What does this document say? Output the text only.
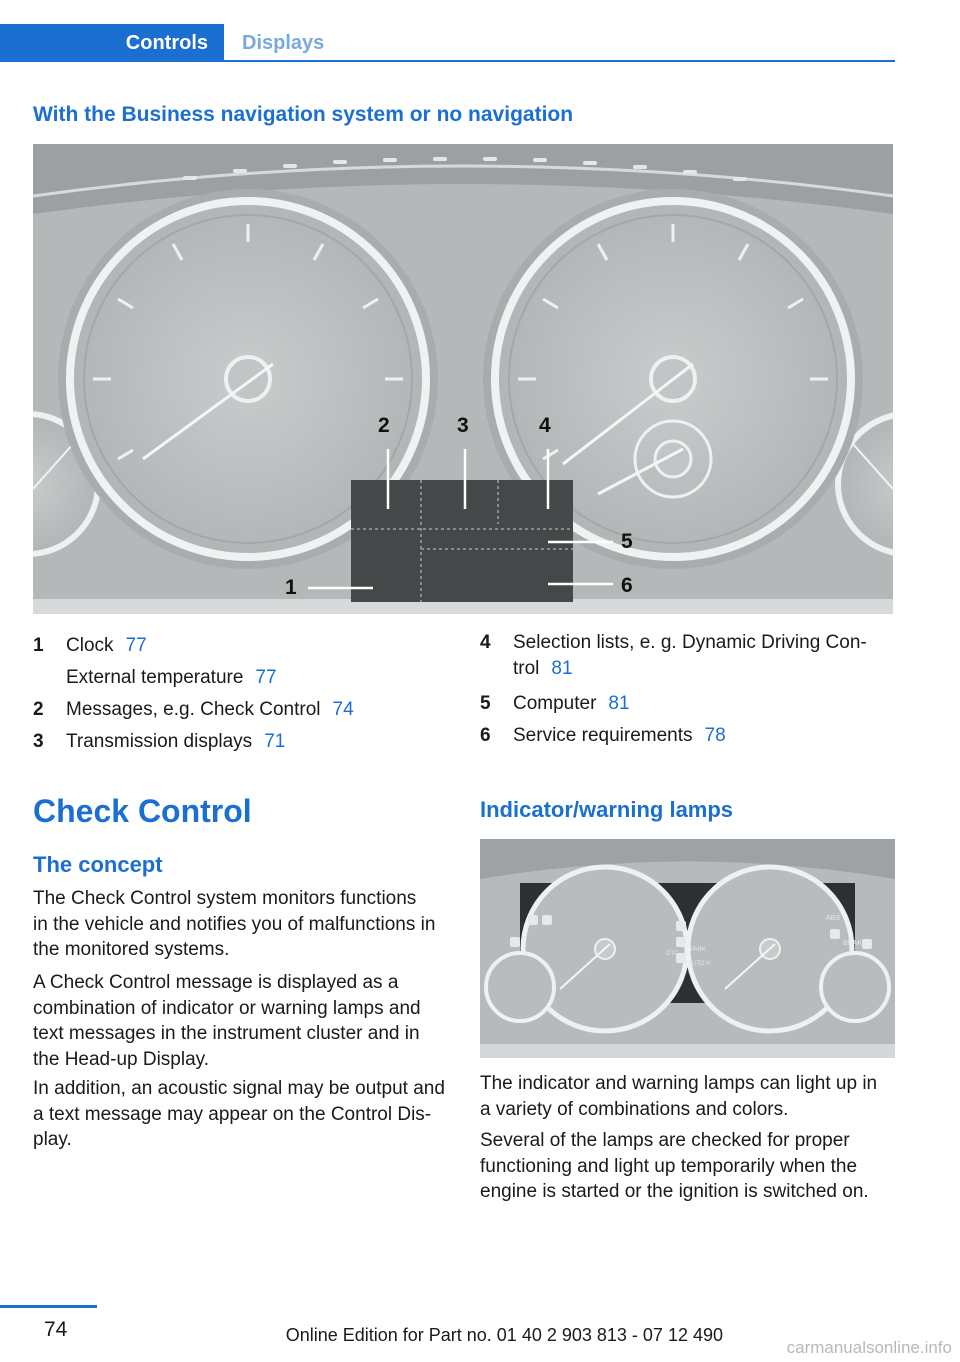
Controls Displays
With the Business navigation system or no navigation
1
2	3	4
5
6
1 Clock 77
External temperature 77
2 Messages, e.g. Check Control 74
3 Transmission displays 71
4 Selection lists, e. g. Dynamic Driving Con-
trol 81
5 Computer 81
6 Service requirements 78
Check Control
The concept
The Check Control system monitors functions
in the vehicle and notifies you of malfunctions in
the monitored systems.
A Check Control message is displayed as a
combination of indicator or warning lamps and
text messages in the instrument cluster and in
the Head-up Display.
In addition, an acoustic signal may be output and
a text message may appear on the Control Dis-
play.
Indicator/warning lamps
ABS
BRAKE
DTC
PARK
AUTO H
The indicator and warning lamps can light up in
a variety of combinations and colors.
Several of the lamps are checked for proper
functioning and light up temporarily when the
engine is started or the ignition is switched on.
74	Online Edition for Part no. 01 40 2 903 813 - 07 12 490
carmanualsonline.info
